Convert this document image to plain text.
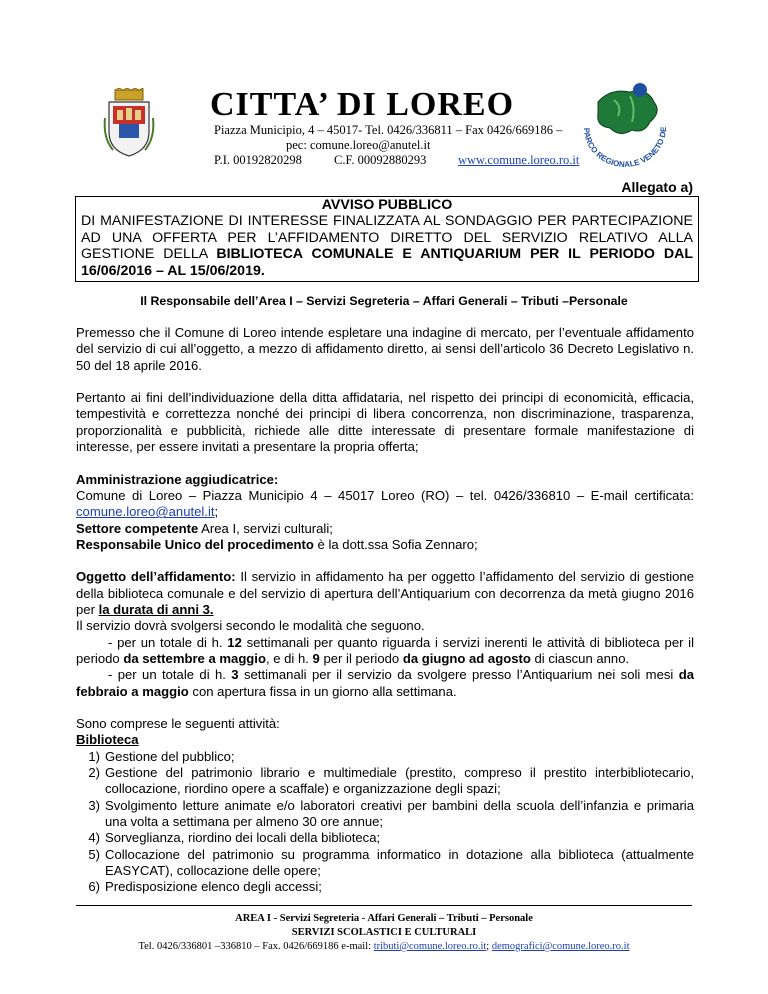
CITTA’ DI LOREO
Piazza Municipio, 4 – 45017- Tel. 0426/336811 – Fax 0426/669186 –
pec: comune.loreo@anutel.it
P.I. 00192820298	C.F. 00092880293	www.comune.loreo.ro.it
PARCO REGIONALE VENETO DE
Allegato a)
AVVISO PUBBLICO

DI MANIFESTAZIONE DI INTERESSE FINALIZZATA AL SONDAGGIO PER PARTECIPAZIONE AD UNA OFFERTA PER L’AFFIDAMENTO DIRETTO DEL SERVIZIO RELATIVO ALLA GESTIONE DELLA BIBLIOTECA COMUNALE E ANTIQUARIUM PER IL PERIODO DAL 16/06/2016 – AL 15/06/2019.

Il Responsabile dell’Area I – Servizi Segreteria – Affari Generali – Tributi –Personale

Premesso che il Comune di Loreo intende espletare una indagine di mercato, per l’eventuale affidamento del servizio di cui all’oggetto, a mezzo di affidamento diretto, ai sensi dell’articolo 36 Decreto Legislativo n. 50 del 18 aprile 2016.

Pertanto ai fini dell’individuazione della ditta affidataria, nel rispetto dei principi di economicità, efficacia, tempestività e correttezza nonché dei principi di libera concorrenza, non discriminazione, trasparenza, proporzionalità e pubblicità, richiede alle ditte interessate di presentare formale manifestazione di interesse, per essere invitati a presentare la propria offerta;

Amministrazione aggiudicatrice:

Comune di Loreo – Piazza Municipio 4 – 45017 Loreo (RO) – tel. 0426/336810 – E-mail certificata: comune.loreo@anutel.it;

Settore competente Area I, servizi culturali;

Responsabile Unico del procedimento è la dott.ssa Sofia Zennaro;

Oggetto dell’affidamento: Il servizio in affidamento ha per oggetto l’affidamento del servizio di gestione della biblioteca comunale e del servizio di apertura dell’Antiquarium con decorrenza da metà giugno 2016 per la durata di anni 3.

Il servizio dovrà svolgersi secondo le modalità che seguono.

- per un totale di h. 12 settimanali per quanto riguarda i servizi inerenti le attività di biblioteca per il periodo da settembre a maggio, e di h. 9 per il periodo da giugno ad agosto di ciascun anno.

- per un totale di h. 3 settimanali per il servizio da svolgere presso l’Antiquarium nei soli mesi da febbraio a maggio con apertura fissa in un giorno alla settimana.

Sono comprese le seguenti attività:

Biblioteca

1) Gestione del pubblico;
2) Gestione del patrimonio librario e multimediale (prestito, compreso il prestito interbibliotecario, collocazione, riordino opere a scaffale) e organizzazione degli spazi;
3) Svolgimento letture animate e/o laboratori creativi per bambini della scuola dell’infanzia e primaria una volta a settimana per almeno 30 ore annue;
4) Sorveglianza, riordino dei locali della biblioteca;
5) Collocazione del patrimonio su programma informatico in dotazione alla biblioteca (attualmente EASYCAT), collocazione delle opere;
6) Predisposizione elenco degli accessi;
AREA I - Servizi Segreteria - Affari Generali – Tributi – Personale
SERVIZI SCOLASTICI E CULTURALI
Tel. 0426/336801 –336810 – Fax. 0426/669186 e-mail: tributi@comune.loreo.ro.it; demografici@comune.loreo.ro.it
